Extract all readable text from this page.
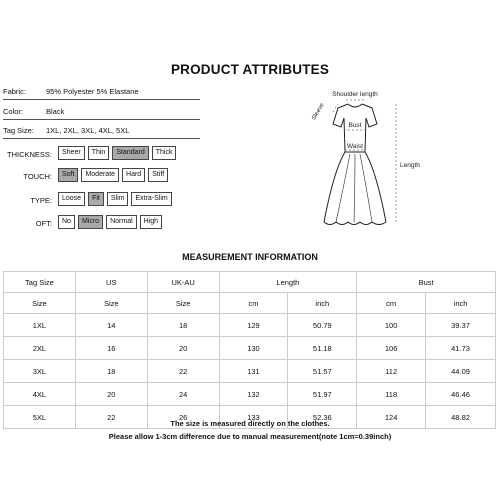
PRODUCT ATTRIBUTES
Fabric:	95% Polyester 5% Elastane
Color:	Black
Tag Size: 1XL, 2XL, 3XL, 4XL, 5XL
THICKNESS:	Sheer	Thin	Standard	Thick
TOUCH:	Soft	Moderate	Hard	Stiff
TYPE:	Loose	Fit	Slim	Extra-Slim
OFT:	No	Micro	Normal	High
Shoulder length
Sleeve
Bust
Waist
Length
MEASUREMENT INFORMATION
Tag Size	US	UK-AU	Length		Bust	
Size	Size	Size	cm	inch	cm	inch
1XL	14	18	129	50.79	100	39.37
2XL	16	20	130	51.18	106	41.73
3XL	18	22	131	51.57	112	44.09
4XL	20	24	132	51.97	118	46.46
5XL	22	26	133	52.36	124	48.82
The size is measured directly on the clothes.
Please allow 1-3cm difference due to manual measurement(note 1cm=0.39inch)
